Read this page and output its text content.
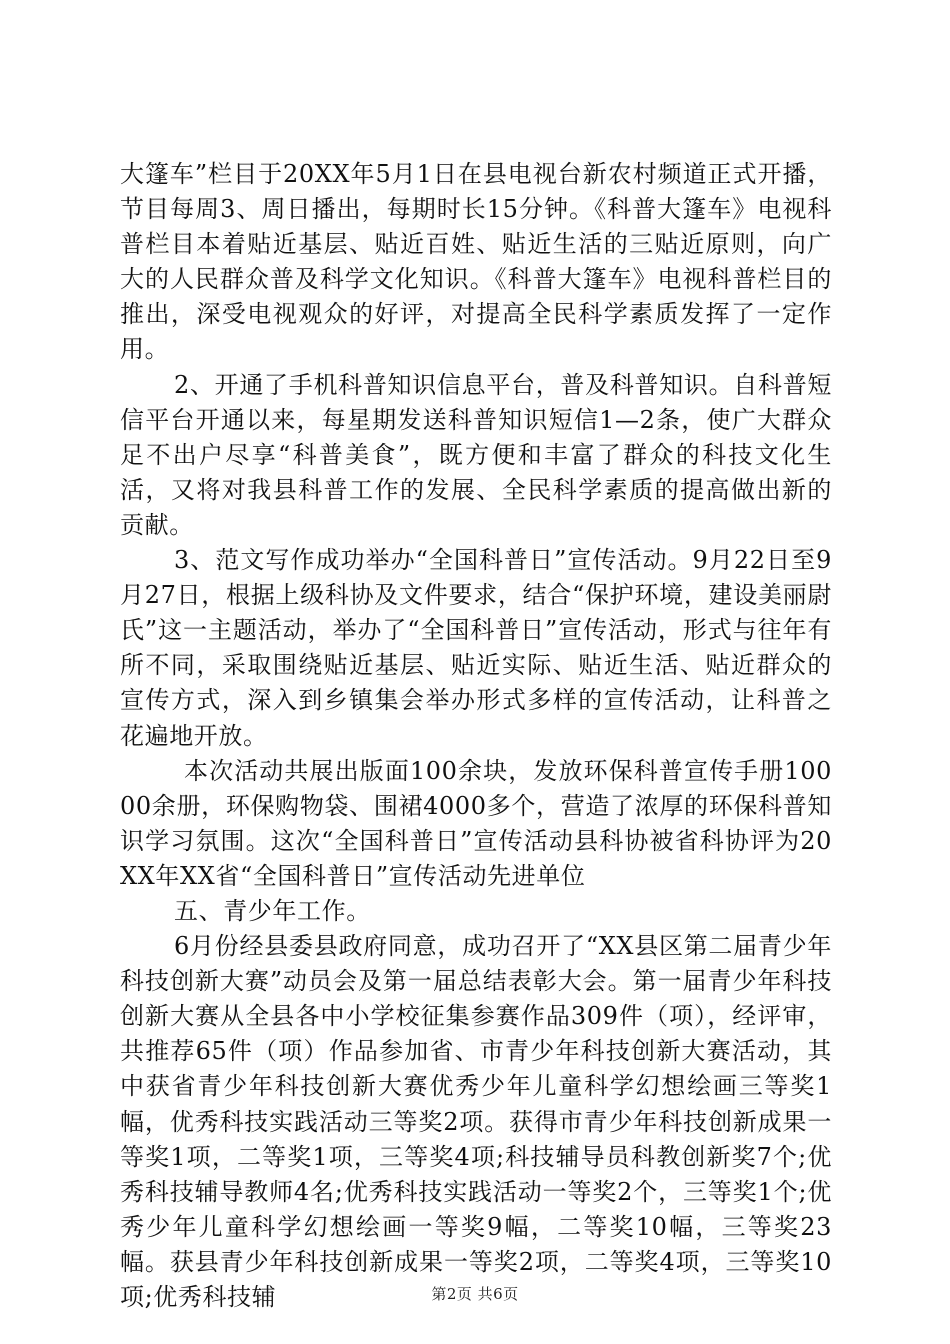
大篷车”栏目于20XX年5月1日在县电视台新农村频道正式开播，节目每周3、周日播出，每期时长15分钟。《科普大篷车》电视科普栏目本着贴近基层、贴近百姓、贴近生活的三贴近原则，向广大的人民群众普及科学文化知识。《科普大篷车》电视科普栏目的推出，深受电视观众的好评，对提高全民科学素质发挥了一定作用。

2、开通了手机科普知识信息平台，普及科普知识。自科普短信平台开通以来，每星期发送科普知识短信1—2条，使广大群众足不出户尽享“科普美食”，既方便和丰富了群众的科技文化生活，又将对我县科普工作的发展、全民科学素质的提高做出新的贡献。

3、范文写作成功举办“全国科普日”宣传活动。9月22日至9月27日，根据上级科协及文件要求，结合“保护环境，建设美丽尉氏”这一主题活动，举办了“全国科普日”宣传活动，形式与往年有所不同，采取围绕贴近基层、贴近实际、贴近生活、贴近群众的宣传方式，深入到乡镇集会举办形式多样的宣传活动，让科普之花遍地开放。

本次活动共展出版面100余块，发放环保科普宣传手册10000余册，环保购物袋、围裙4000多个，营造了浓厚的环保科普知识学习氛围。这次“全国科普日”宣传活动县科协被省科协评为20XX年XX省“全国科普日”宣传活动先进单位

五、青少年工作。

6月份经县委县政府同意，成功召开了“XX县区第二届青少年科技创新大赛”动员会及第一届总结表彰大会。第一届青少年科技创新大赛从全县各中小学校征集参赛作品309件（项），经评审，共推荐65件（项）作品参加省、市青少年科技创新大赛活动，其中获省青少年科技创新大赛优秀少年儿童科学幻想绘画三等奖1幅，优秀科技实践活动三等奖2项。获得市青少年科技创新成果一等奖1项，二等奖1项，三等奖4项;科技辅导员科教创新奖7个;优秀科技辅导教师4名;优秀科技实践活动一等奖2个，三等奖1个;优秀少年儿童科学幻想绘画一等奖9幅，二等奖10幅，三等奖23幅。获县青少年科技创新成果一等奖2项，二等奖4项，三等奖10项;优秀科技辅	第2页 共6页
